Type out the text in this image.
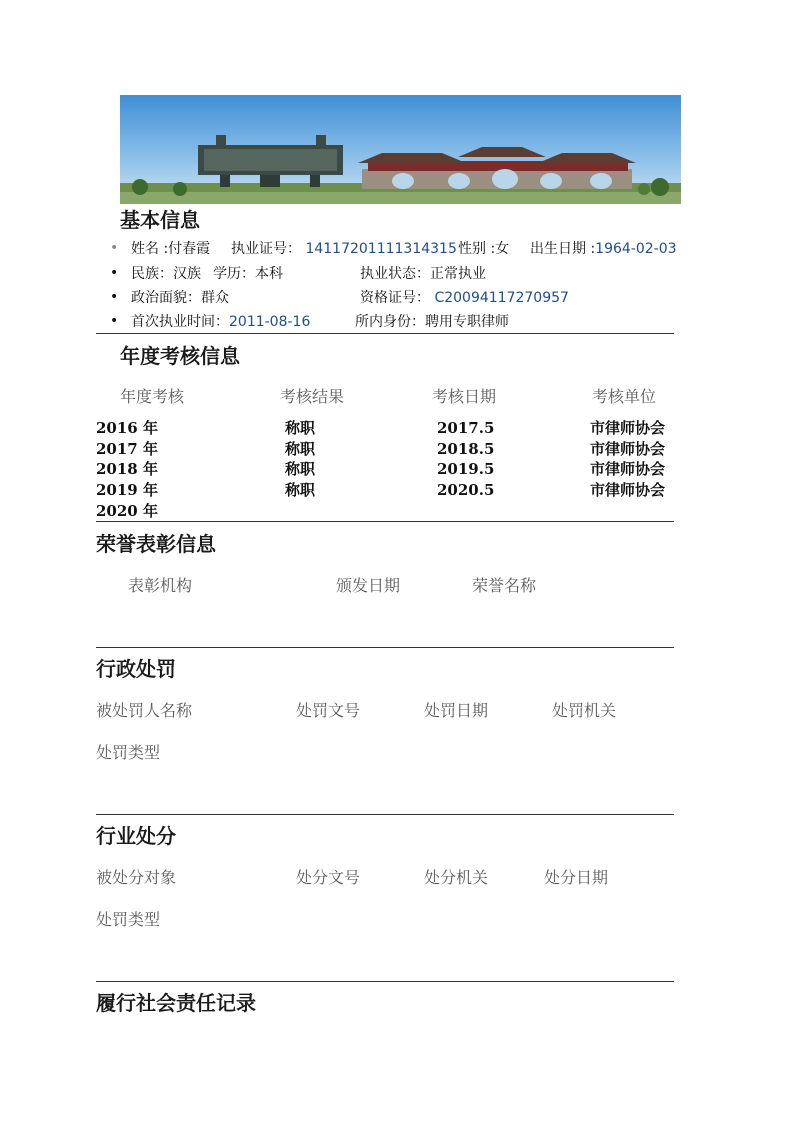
基本信息
• 姓名 :付春霞 执业证号： 14117201111314315 性别 :女 出生日期 :1964-02-03
• 民族：汉族 学历：本科	执业状态：正常执业
• 政治面貌：群众	资格证号： C20094117270957
• 首次执业时间：2011-08-16	所内身份：聘用专职律师
年度考核信息
年度考核	考核结果	考核日期	考核单位
2016 年	称职	2017.5	市律师协会
2017 年	称职	2018.5	市律师协会
2018 年	称职	2019.5	市律师协会
2019 年	称职	2020.5	市律师协会
2020 年
荣誉表彰信息
表彰机构	颁发日期	荣誉名称
行政处罚
被处罚人名称	处罚文号	处罚日期	处罚机关
处罚类型
行业处分
被处分对象	处分文号	处分机关	处分日期
处罚类型
履行社会责任记录
